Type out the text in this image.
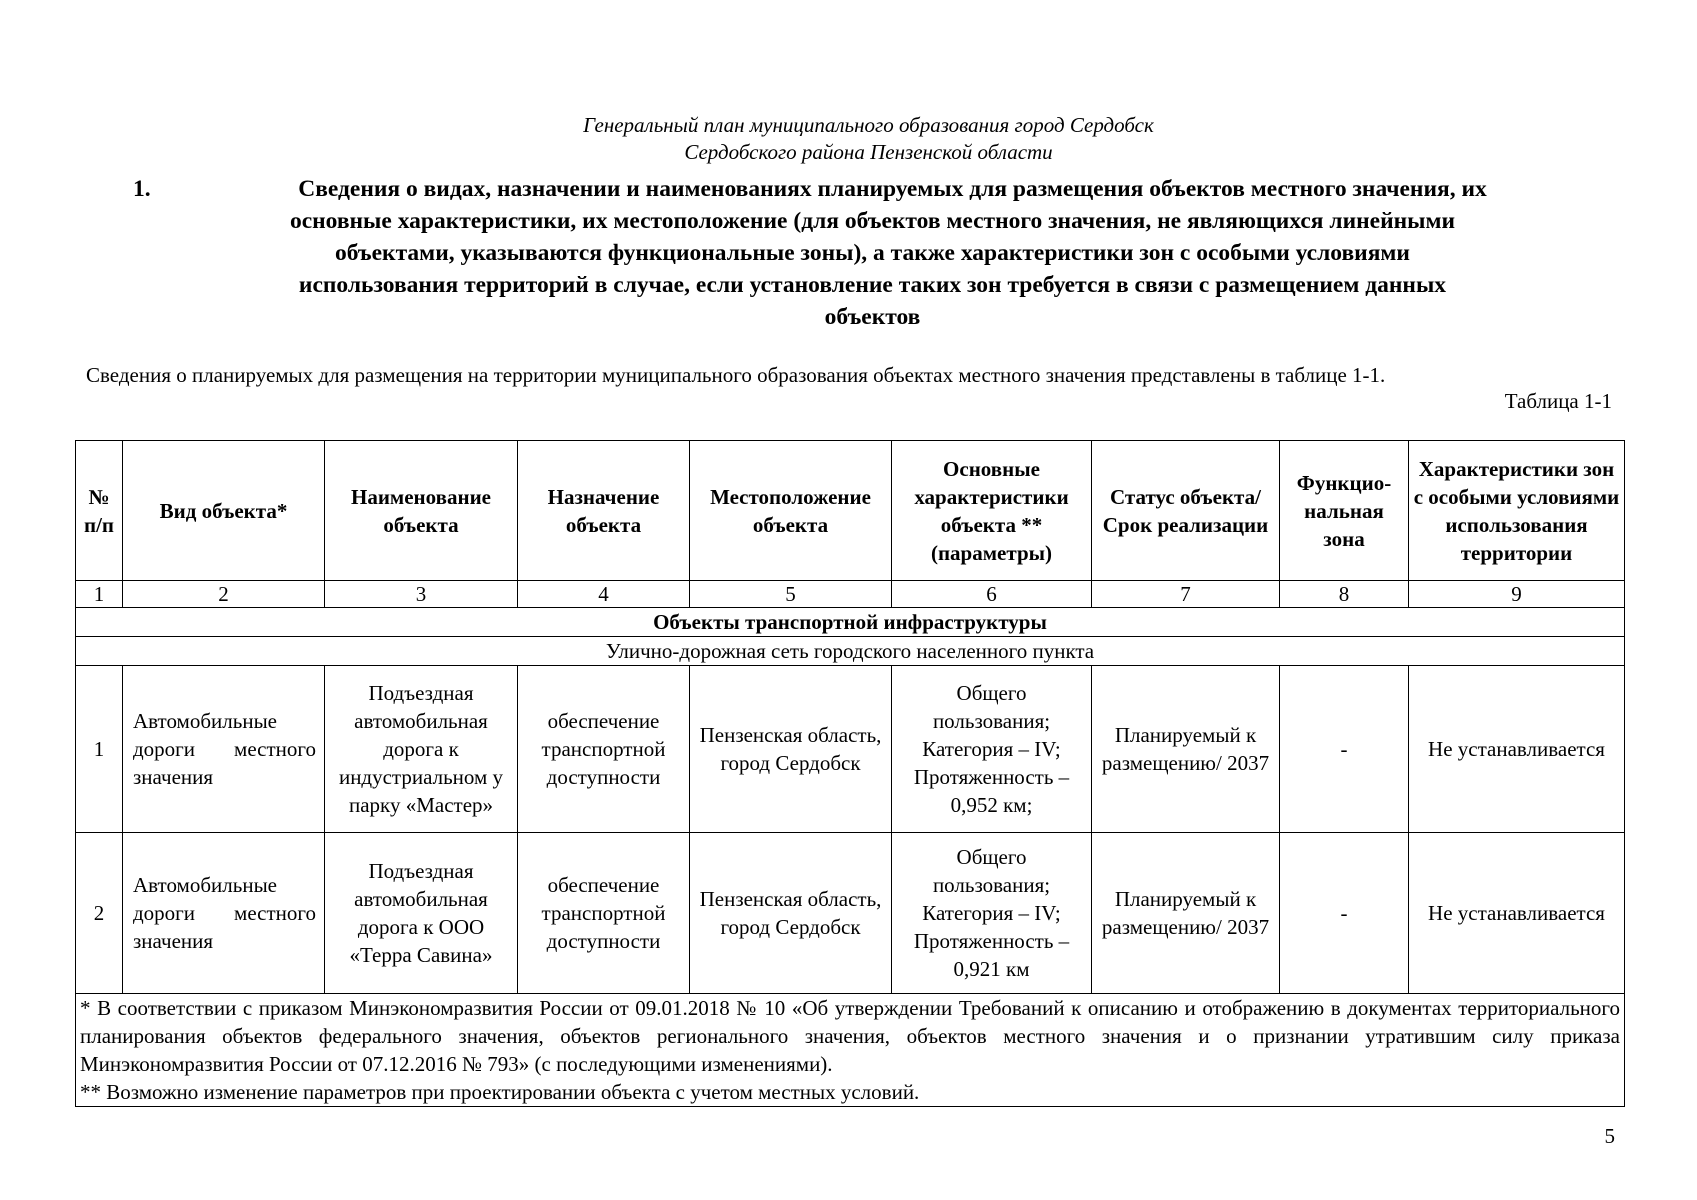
Генеральный план муниципального образования город Сердобск
Сердобского района Пензенской области
1.	Сведения о видах, назначении и наименованиях планируемых для размещения объектов местного значения, их
основные характеристики, их местоположение (для объектов местного значения, не являющихся линейными
объектами, указываются функциональные зоны), а также характеристики зон с особыми условиями
использования территорий в случае, если установление таких зон требуется в связи с размещением данных
объектов
Сведения о планируемых для размещения на территории муниципального образования объектах местного значения представлены в таблице 1-1.
Таблица 1-1
№ п/п	Вид объекта*	Наименование объекта	Назначение объекта	Местоположение объекта	Основные характеристики объекта ** (параметры)	Статус объекта/ Срок реализации	Функцио-нальная зона	Характеристики зон с особыми условиями использования территории
1	2	3	4	5	6	7	8	9
Объекты транспортной инфраструктуры								
Улично-дорожная сеть городского населенного пункта								
1	Автомобильные дороги местного значения	Подъездная автомобильная дорога к индустриальном у парку «Мастер»	обеспечение транспортной доступности	Пензенская область, город Сердобск	Общего пользования; Категория – IV; Протяженность – 0,952 км;	Планируемый к размещению/ 2037	-	Не устанавливается
2	Автомобильные дороги местного значения	Подъездная автомобильная дорога к ООО «Терра Савина»	обеспечение транспортной доступности	Пензенская область, город Сердобск	Общего пользования; Категория – IV; Протяженность – 0,921 км	Планируемый к размещению/ 2037	-	Не устанавливается

* В соответствии с приказом Минэкономразвития России от 09.01.2018 № 10 «Об утверждении Требований к описанию и отображению в документах территориального планирования объектов федерального значения, объектов регионального значения, объектов местного значения и о признании утратившим силу приказа Минэкономразвития России от 07.12.2016 № 793» (с последующими изменениями).

** Возможно изменение параметров при проектировании объекта с учетом местных условий.								

5
